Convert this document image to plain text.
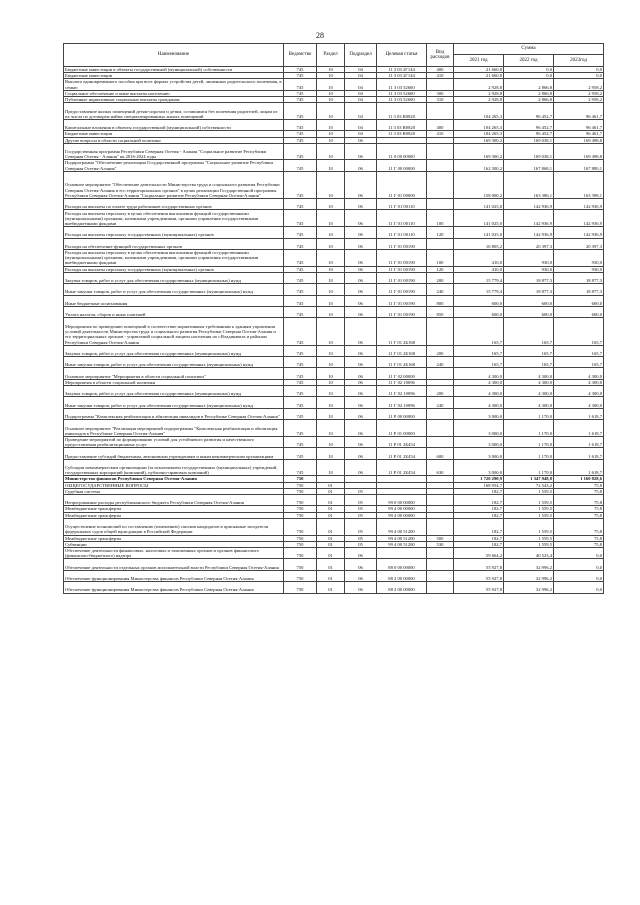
28
Наименование	Ведомство	Раздел	Подраздел	Целевая статья	Вид расходов	Сумма		
						2021 год	2022 год	2023год
Бюджетные инвестиции в объекты государственной (муниципальной) собственности	745	10	04	11 3 03 2Г144	400	21 660,8	0,0	0,0
Бюджетные инвестиции	745	10	04	11 3 03 2Г144	410	21 660,8	0,0	0,0
Выплата единовременного пособия при всех формах устройства детей, лишенных родительского попечения, в семью	745	10	04	11 3 03 52600		2 928,8	2 866,8	2 958,2
Социальное обеспечение и иные выплаты населению	745	10	04	11 3 03 52600	300	2 928,8	2 866,8	2 958,2
Публичные нормативные социальные выплаты гражданам	745	10	04	11 3 03 52600	310	2 928,8	2 866,8	2 958,2
Предоставление жилых помещений детям-сиротам и детям, оставшимся без попечения родителей, лицам из их числа по договорам найма специализированных жилых помещений	745	10	04	11 3 03 R0820		104 265,3	96 452,7	96 461,7
Капитальные вложения в объекты государственной (муниципальной) собственности	745	10	04	11 3 03 R0820	400	104 265,3	96 452,7	96 461,7
Бюджетные инвестиции	745	10	04	11 3 03 R0820	410	104 265,3	96 452,7	96 461,7
Другие вопросы в области социальной политики	745	10	06			169 300,2	169 038,1	169 498,8
Государственная программа Республики Северная Осетия - Алания "Социальное развитие Республики Северная Осетия - Алания" на 2016-2024 годы	745	10	06	11 0 00 00000		169 300,2	169 038,1	169 498,8
Подпрограмма "Обеспечение реализации Государственной программы "Социальное развитие Республики Северная Осетия-Алания"	745	10	06	11 Г 00 00000		162 300,2	167 868,1	167 880,1
Основное мероприятие "Обеспечение деятельности Министерства труда и социального развития Республики Северная Осетия-Алания и его территориальных органов" в целях реализации Государственной программы Республики Северная Осетия-Алания "Социальное развитие Республики Северная Осетия-Алания"	745	10	06	11 Г 01 00000		158 000,2	163 386,1	163 398,1
Расходы на выплаты по оплате труда работников государственных органов	745	10	06	11 Г 01 00110		141 025,0	142 936,9	142 936,9
Расходы на выплаты персоналу в целях обеспечения выполнения функций государственными (муниципальными) органами, казенными учреждениями, органами управления государственными внебюджетными фондами	745	10	06	11 Г 01 00110	100	141 025,0	142 936,9	142 936,9
Расходы на выплаты персоналу государственных (муниципальных) органов	745	10	06	11 Г 01 00110	120	141 025,0	142 936,9	142 936,9
Расходы на обеспечение функций государственных органов	745	10	06	11 Г 01 00190		16 805,2	20 397,3	20 397,3
Расходы на выплаты персоналу в целях обеспечения выполнения функций государственными (муниципальными) органами, казенными учреждениями, органами управления государственными внебюджетными фондами	745	10	06	11 Г 01 00190	100	410,0	930,0	930,0
Расходы на выплаты персоналу государственных (муниципальных) органов	745	10	06	11 Г 01 00190	120	410,0	930,0	930,0
Закупка товаров, работ и услуг для обеспечения государственных (муниципальных) нужд	745	10	06	11 Г 01 00190	200	15 779,4	18 877,3	18 877,3
Иные закупки товаров, работ и услуг для обеспечения государственных (муниципальных) нужд	745	10	06	11 Г 01 00190	240	15 779,4	18 877,3	18 877,3
Иные бюджетные ассигнования	745	10	06	11 Г 01 00190	800	600,0	600,0	600,0
Уплата налогов, сборов и иных платежей	745	10	06	11 Г 01 00190	850	600,0	600,0	600,0
Мероприятия по приведению помещений в соответствие нормативным требованиям к зданиям управления условий деятельности Министерства труда и социального развития Республики Северная Осетия-Алания и его территориальных органов - управлений социальной защиты населения по г.Владикавказ и районам Республики Северная Осетия-Алания	745	10	06	11 Г 01 2Б168		165,7	165,7	165,7
Закупка товаров, работ и услуг для обеспечения государственных (муниципальных) нужд	745	10	06	11 Г 01 2Б168	200	165,7	165,7	165,7
Иные закупки товаров, работ и услуг для обеспечения государственных (муниципальных) нужд	745	10	06	11 Г 01 2Б168	240	165,7	165,7	165,7
Основное мероприятие "Мероприятия в области социальной политики"	745	10	06	11 Г 02 00000		4 300,0	4 300,0	4 300,0
Мероприятия в области социальной политики	745	10	06	11 Г 02 10096		4 300,0	4 300,0	4 300,0
Закупка товаров, работ и услуг для обеспечения государственных (муниципальных) нужд	745	10	06	11 Г 02 10096	200	4 300,0	4 300,0	4 300,0
Иные закупки товаров, работ и услуг для обеспечения государственных (муниципальных) нужд	745	10	06	11 Г 02 10096	240	4 300,0	4 300,0	4 300,0
Подпрограмма "Комплексная реабилитация и абилитация инвалидов в Республике Северная Осетия-Алания"	745	10	06	11 Р 00 00000		3 000,0	1 170,0	1 618,7
Основное мероприятие "Реализация мероприятий подпрограммы "Комплексная реабилитация и абилитация инвалидов в Республике Северная Осетия-Алания"	745	10	06	11 Р 01 00000		3 000,0	1 170,0	1 618,7
Проведение мероприятий по формированию условий для устойчивого развития и качественного предоставления реабилитационных услуг	745	10	06	11 Р 01 2Б454		3 000,0	1 170,0	1 618,7
Предоставление субсидий бюджетным, автономным учреждениям и иным некоммерческим организациям	745	10	06	11 Р 01 2Б454	600	3 000,0	1 170,0	1 618,7
Субсидии некоммерческим организациям (за исключением государственных (муниципальных) учреждений, государственных корпораций (компаний), публично-правовых компаний)	745	10	06	11 Р 01 2Б454	630	3 000,0	1 170,0	1 618,7
Министерство финансов Республики Северная Осетия-Алания	750					1 720 290,9	1 347 948,8	1 160 828,6
ОБЩЕГОСУДАРСТВЕННЫЕ ВОПРОСЫ	750	01				168 954,7	72 543,2	75,8
Судебная система	750	01	05			182,7	1 559,5	75,8
Непрограммные расходы республиканского бюджета Республики Северная Осетия-Алания	750	01	05	99 0 00 00000		182,7	1 559,5	75,8
Межбюджетные трансферты	750	01	05	99 4 00 00000		182,7	1 559,5	75,8
Межбюджетные трансферты	750	01	05	99 4 00 00000		182,7	1 559,5	75,8
Осуществление полномочий по составлению (изменению) списков кандидатов в присяжные заседатели федеральных судов общей юрисдикции в Российской Федерации	750	01	05	99 4 00 51200		182,7	1 559,5	75,8
Межбюджетные трансферты	750	01	05	99 4 00 51200	500	182,7	1 559,5	75,8
Субвенции	750	01	05	99 4 00 51200	530	182,7	1 559,5	75,8
Обеспечение деятельности финансовых, налоговых и таможенных органов и органов финансового (финансово-бюджетного) надзора	750	01	06			59 664,2	40 523,4	0,0
Обеспечение деятельности отдельных органов исполнительной власти Республики Северная Осетия-Алания	750	01	06	88 0 00 00000		55 927,8	32 996,2	0,0
Обеспечение функционирования Министерства финансов Республики Северная Осетия-Алания	750	01	06	88 2 00 00000		55 927,8	32 996,2	0,0
Обеспечение функционирования Министерства финансов Республики Северная Осетия-Алания	750	01	06	88 2 00 00000		55 927,8	32 996,2	0,0
